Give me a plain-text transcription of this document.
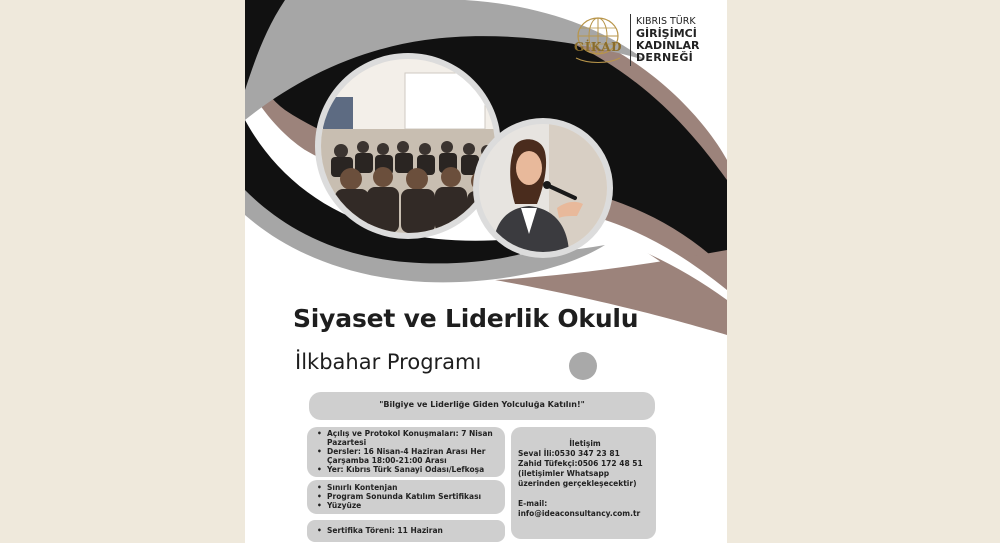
GİKAD
KIBRIS TÜRK
GİRİŞİMCİ
KADINLAR
DERNEĞİ
Siyaset ve Liderlik Okulu
İlkbahar Programı
"Bilgiye ve Liderliğe Giden Yolculuğa Katılın!"
• Açılış ve Protokol Konuşmaları: 7 Nisan Pazartesi
• Dersler: 16 Nisan-4 Haziran Arası Her Çarşamba 18:00-21:00 Arası
• Yer: Kıbrıs Türk Sanayi Odası/Lefkoşa
• Sınırlı Kontenjan
• Program Sonunda Katılım Sertifikası
• Yüzyüze
• Sertifika Töreni: 11 Haziran
İletişim
Seval İli:0530 347 23 81
Zahid Tüfekçi:0506 172 48 51
(iletişimler Whatsapp üzerinden gerçekleşecektir)
E-mail:
info@ideaconsultancy.com.tr
